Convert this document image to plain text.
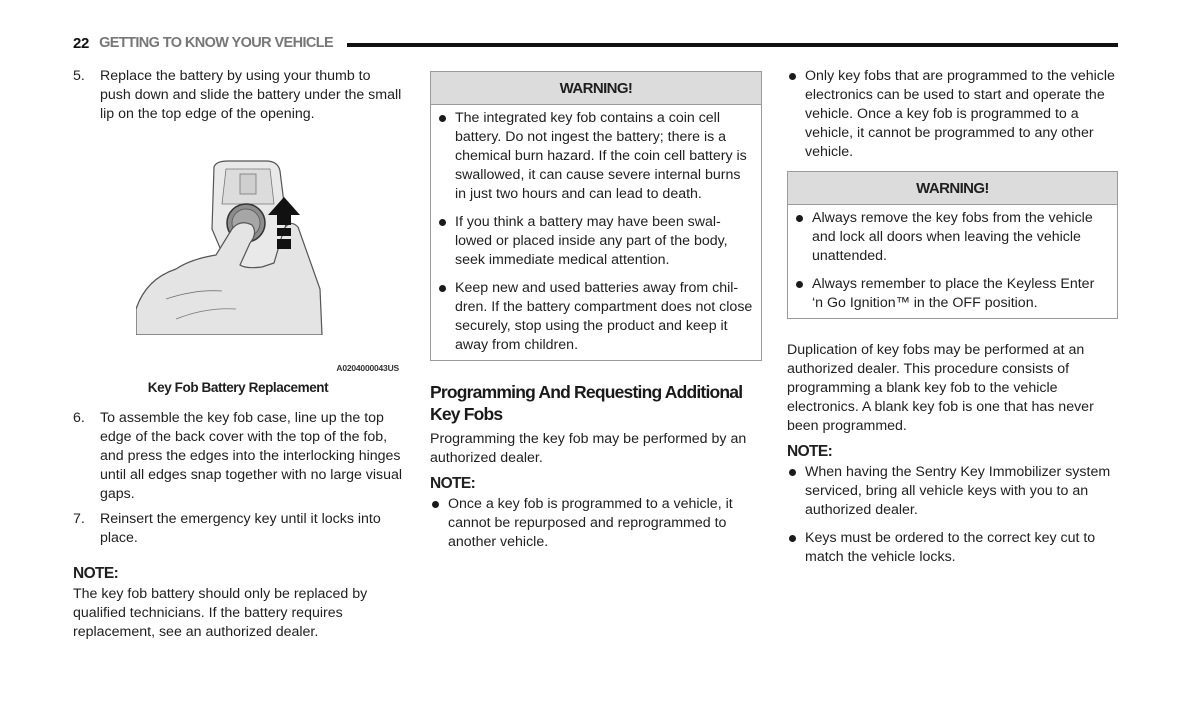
22 GETTING TO KNOW YOUR VEHICLE
5.	Replace the battery by using your thumb to push down and slide the battery under the small lip on the top edge of the opening.
A0204000043US
Key Fob Battery Replacement
6.	To assemble the key fob case, line up the top edge of the back cover with the top of the fob, and press the edges into the interlocking hinges until all edges snap together with no large visual gaps.
7.	Reinsert the emergency key until it locks into place.
NOTE:

The key fob battery should only be replaced by qualified technicians. If the battery requires replacement, see an authorized dealer.

WARNING!
The integrated key fob contains a coin cell battery. Do not ingest the battery; there is a chemical burn hazard. If the coin cell battery is swallowed, it can cause severe internal burns in just two hours and can lead to death.
If you think a battery may have been swal-lowed or placed inside any part of the body, seek immediate medical attention.
Keep new and used batteries away from chil-dren. If the battery compartment does not close securely, stop using the product and keep it away from children.
Programming And Requesting Additional Key Fobs

Programming the key fob may be performed by an authorized dealer.

NOTE:
Once a key fob is programmed to a vehicle, it cannot be repurposed and reprogrammed to another vehicle.
Only key fobs that are programmed to the vehicle electronics can be used to start and operate the vehicle. Once a key fob is programmed to a vehicle, it cannot be programmed to any other vehicle.
WARNING!
Always remove the key fobs from the vehicle and lock all doors when leaving the vehicle unattended.
Always remember to place the Keyless Enter ‘n Go Ignition™ in the OFF position.

Duplication of key fobs may be performed at an authorized dealer. This procedure consists of programming a blank key fob to the vehicle electronics. A blank key fob is one that has never been programmed.

NOTE:
When having the Sentry Key Immobilizer system serviced, bring all vehicle keys with you to an authorized dealer.
Keys must be ordered to the correct key cut to match the vehicle locks.
